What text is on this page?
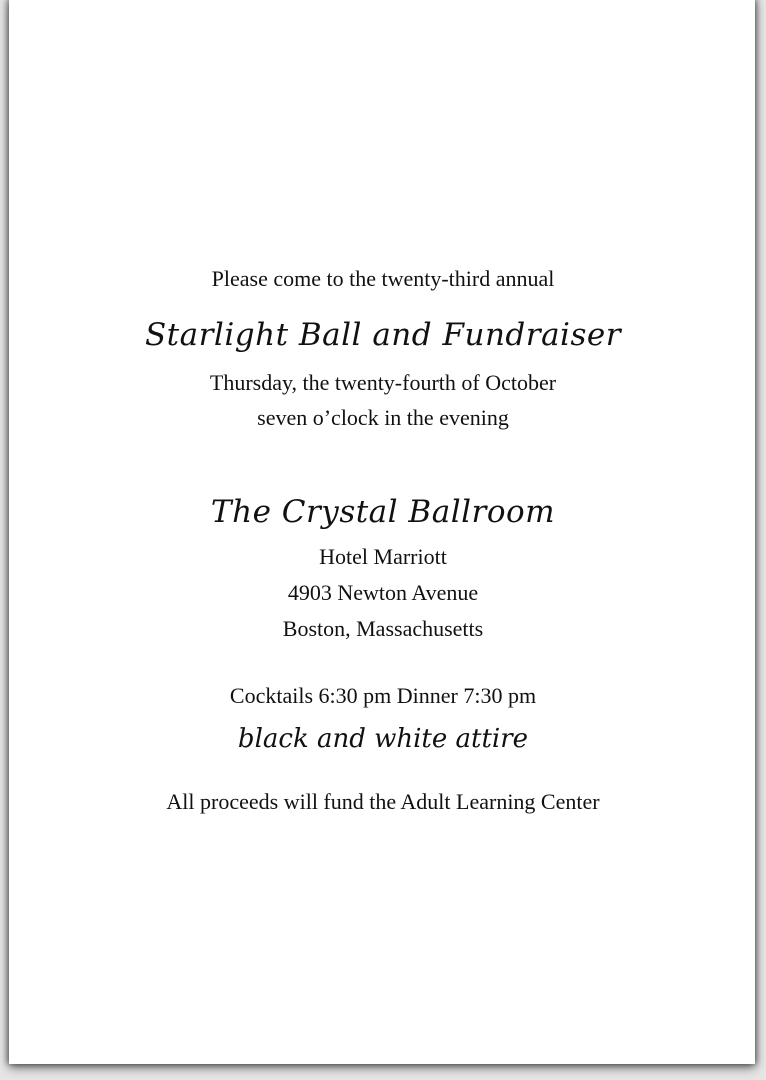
Please come to the twenty-third annual
Starlight Ball and Fundraiser
Thursday, the twenty-fourth of October
seven o’clock in the evening
The Crystal Ballroom
Hotel Marriott
4903 Newton Avenue
Boston, Massachusetts
Cocktails 6:30 pm Dinner 7:30 pm
black and white attire
All proceeds will fund the Adult Learning Center
